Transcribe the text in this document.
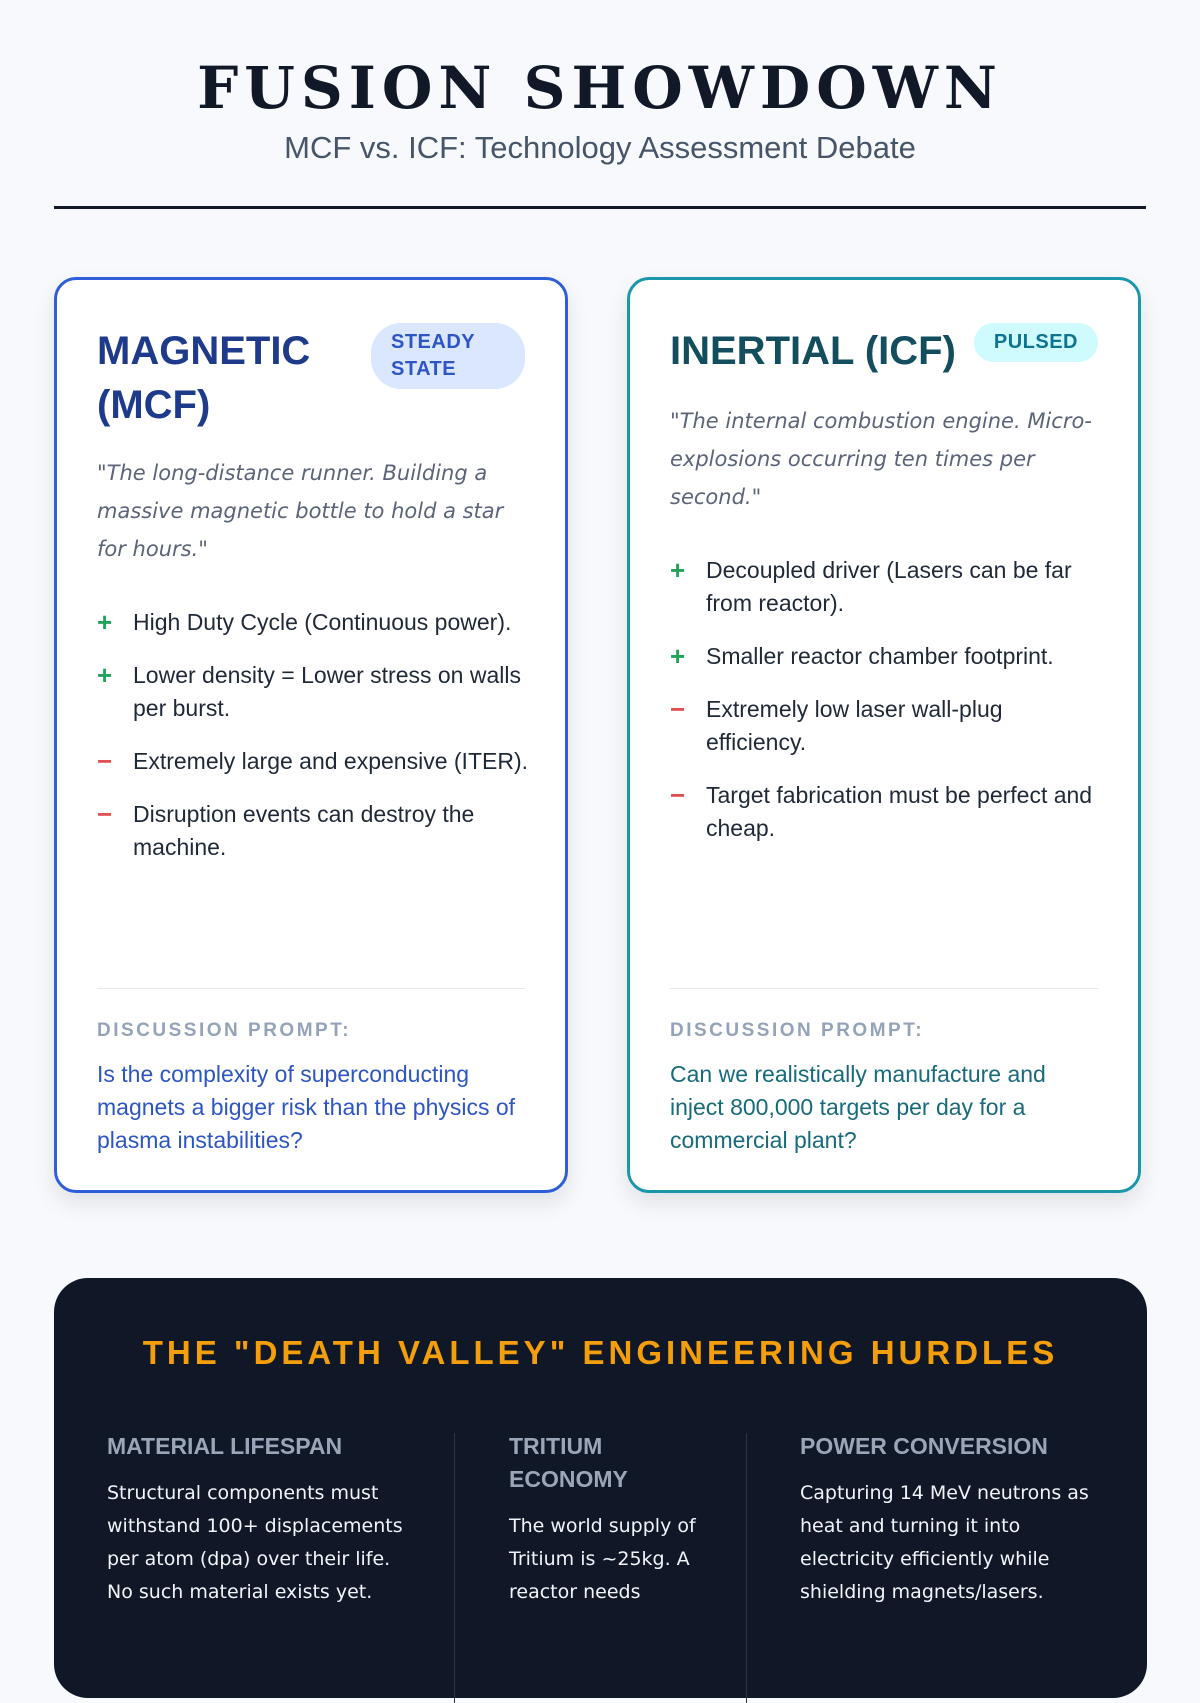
FUSION SHOWDOWN
MCF vs. ICF: Technology Assessment Debate
MAGNETIC (MCF)
STEADY STATE
"The long-distance runner. Building a massive magnetic bottle to hold a star for hours."
+ High Duty Cycle (Continuous power).
+ Lower density = Lower stress on walls per burst.
− Extremely large and expensive (ITER).
− Disruption events can destroy the machine.
DISCUSSION PROMPT:
Is the complexity of superconducting magnets a bigger risk than the physics of plasma instabilities?
INERTIAL (ICF)	PULSED
"The internal combustion engine. Micro-explosions occurring ten times per second."
+ Decoupled driver (Lasers can be far from reactor).
+ Smaller reactor chamber footprint.
− Extremely low laser wall-plug efficiency.
− Target fabrication must be perfect and cheap.
DISCUSSION PROMPT:
Can we realistically manufacture and inject 800,000 targets per day for a commercial plant?
THE "DEATH VALLEY" ENGINEERING HURDLES
MATERIAL LIFESPAN
Structural components must withstand 100+ displacements per atom (dpa) over their life. No such material exists yet.
TRITIUM ECONOMY
The world supply of Tritium is ~25kg. A reactor needs
POWER CONVERSION
Capturing 14 MeV neutrons as heat and turning it into electricity efficiently while shielding magnets/lasers.
